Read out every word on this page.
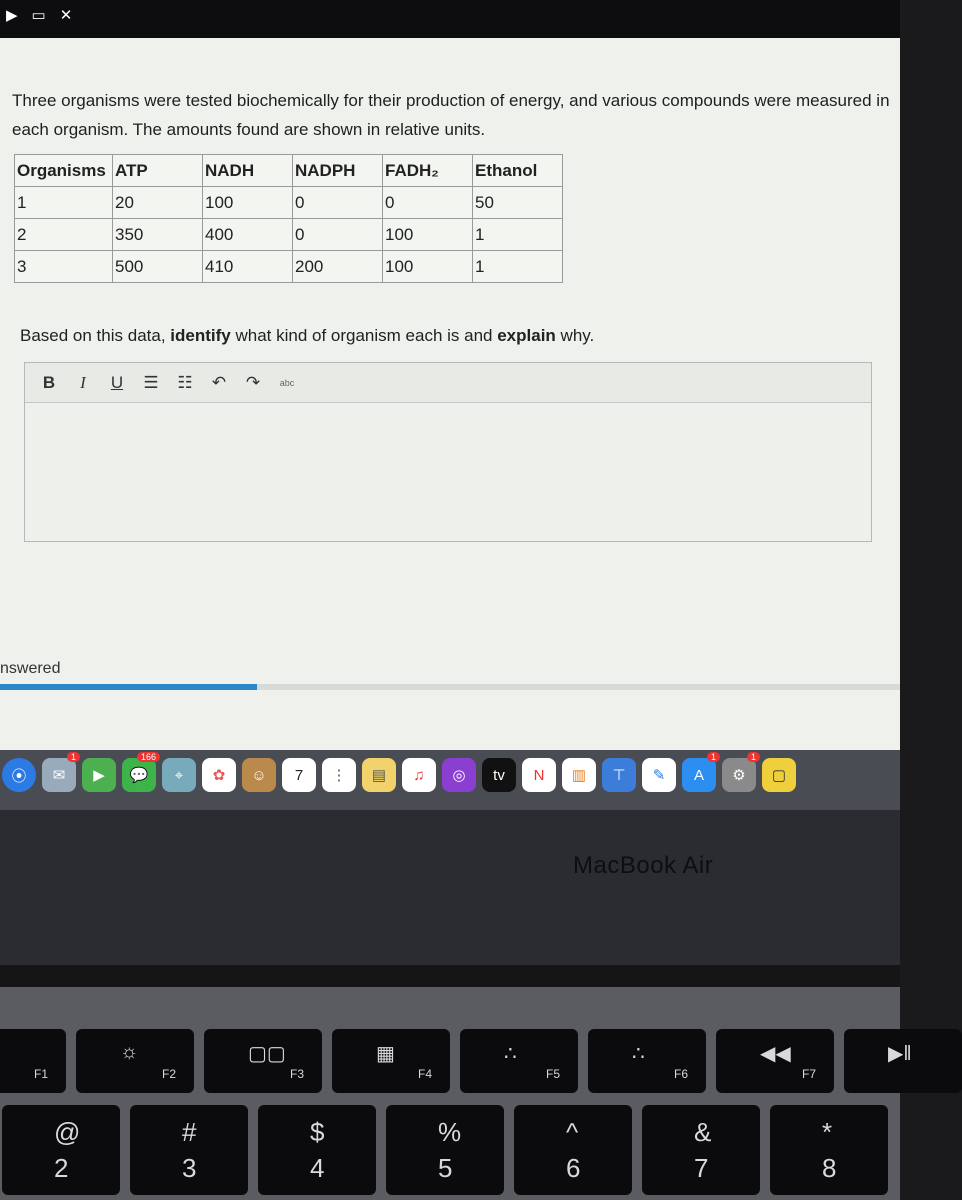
▶ ▭ ✕
Three organisms were tested biochemically for their production of energy, and various compounds were measured in each organism. The amounts found are shown in relative units.
Organisms	ATP	NADH	NADPH	FADH₂	Ethanol
1	20	100	0	0	50
2	350	400	0	100	1
3	500	410	200	100	1
Based on this data, identify what kind of organism each is and explain why.
B	I	U ☰ ☷ ↶ ↷	abc
nswered
⦿	✉
1
▶	💬
166
⌖	✿	☺	7	⋮	▤	♫	◎	tv	N	▥	⊤	✎	A
1
⚙
1
▢
MacBook Air
F1
☼
F2
▢▢
F3
▦
F4
∴
F5
∴
F6
◀◀
F7
▶‖
@
2
#
3
$
4
%
5
^
6
&
7
*
8
